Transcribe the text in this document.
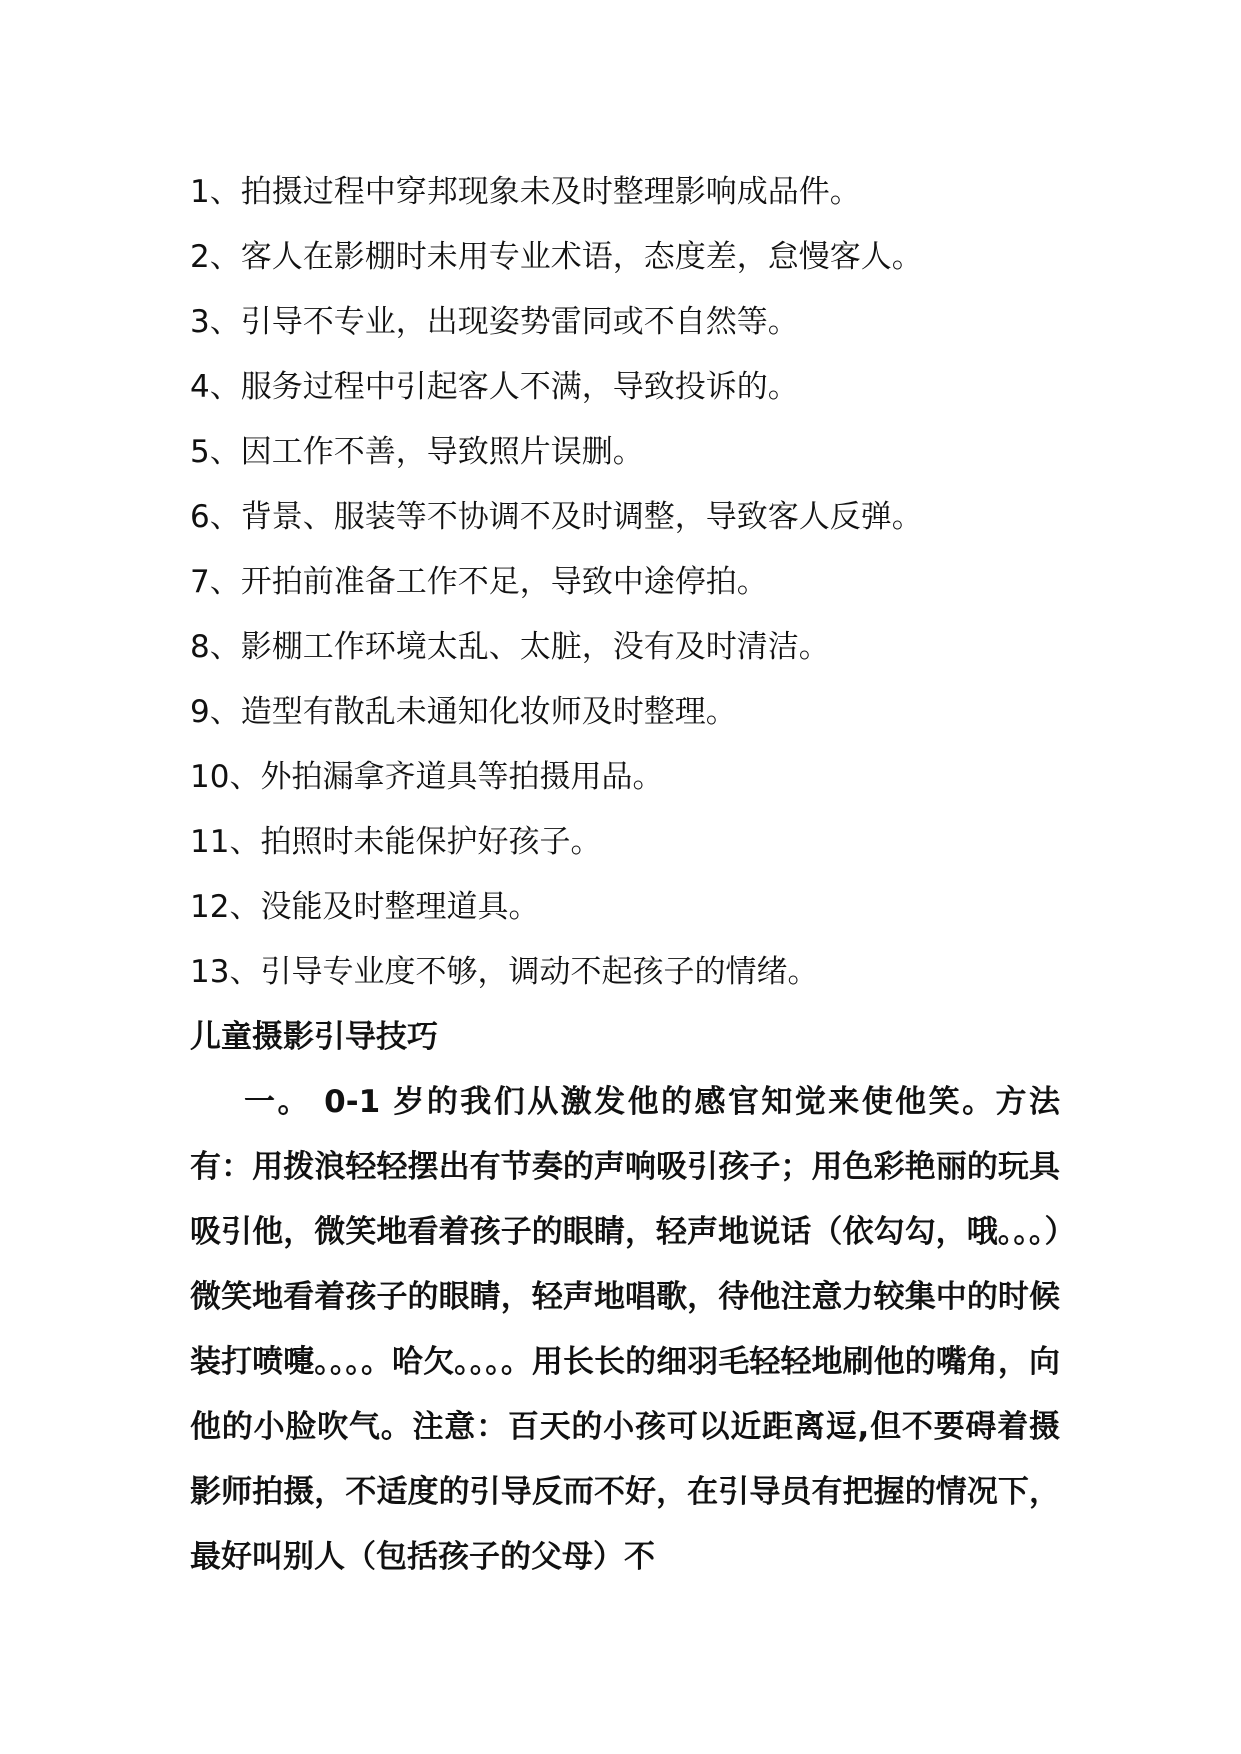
1、拍摄过程中穿邦现象未及时整理影响成品件。
2、客人在影棚时未用专业术语，态度差，怠慢客人。
3、引导不专业，出现姿势雷同或不自然等。
4、服务过程中引起客人不满，导致投诉的。
5、因工作不善，导致照片误删。
6、背景、服装等不协调不及时调整，导致客人反弹。
7、开拍前准备工作不足，导致中途停拍。
8、影棚工作环境太乱、太脏，没有及时清洁。
9、造型有散乱未通知化妆师及时整理。
10、外拍漏拿齐道具等拍摄用品。
11、拍照时未能保护好孩子。
12、没能及时整理道具。
13、引导专业度不够，调动不起孩子的情绪。
儿童摄影引导技巧

一。 0-1 岁的我们从激发他的感官知觉来使他笑。方法有：用拨浪轻轻摆出有节奏的声响吸引孩子；用色彩艳丽的玩具吸引他，微笑地看着孩子的眼睛，轻声地说话（依勾勾，哦。。。）微笑地看着孩子的眼睛，轻声地唱歌，待他注意力较集中的时候装打喷嚏。。。。哈欠。。。。用长长的细羽毛轻轻地刷他的嘴角，向他的小脸吹气。注意：百天的小孩可以近距离逗,但不要碍着摄影师拍摄，不适度的引导反而不好，在引导员有把握的情况下，最好叫别人（包括孩子的父母）不
